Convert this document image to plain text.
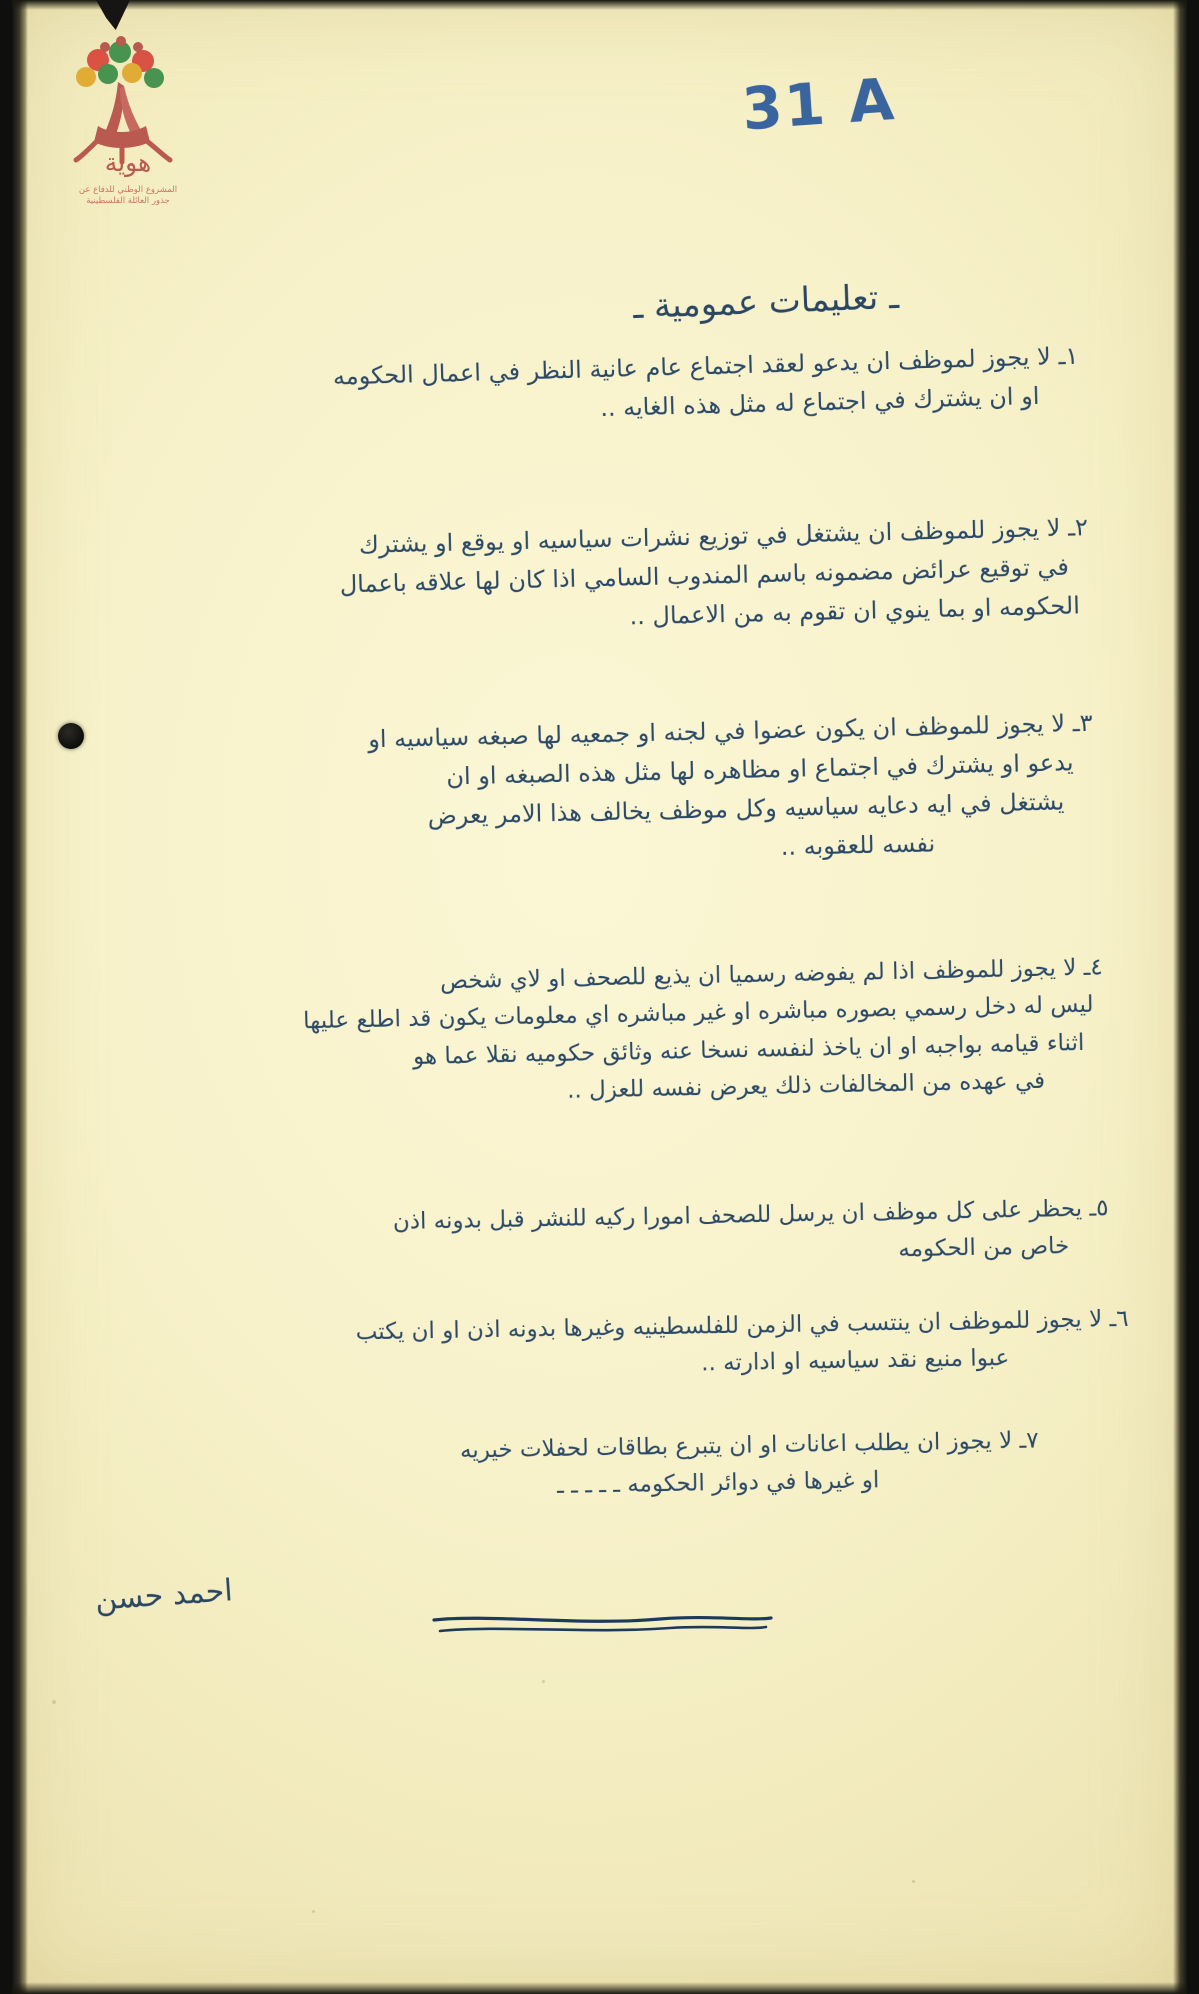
هوية
المشروع الوطني للدفاع عن
جذور العائلة الفلسطينية
31 A
ـ تعليمات عمومية ـ
١ـ لا يجوز لموظف ان يدعو لعقد اجتماع عام عانية النظر في اعمال الحكومه
او ان يشترك في اجتماع له مثل هذه الغايه ..
٢ـ لا يجوز للموظف ان يشتغل في توزيع نشرات سياسيه او يوقع او يشترك
في توقيع عرائض مضمونه باسم المندوب السامي اذا كان لها علاقه باعمال
الحكومه او بما ينوي ان تقوم به من الاعمال ..
٣ـ لا يجوز للموظف ان يكون عضوا في لجنه او جمعيه لها صبغه سياسيه او
يدعو او يشترك في اجتماع او مظاهره لها مثل هذه الصبغه او ان
يشتغل في ايه دعايه سياسيه وكل موظف يخالف هذا الامر يعرض
نفسه للعقوبه ..
٤ـ لا يجوز للموظف اذا لم يفوضه رسميا ان يذيع للصحف او لاي شخص
ليس له دخل رسمي بصوره مباشره او غير مباشره اي معلومات يكون قد اطلع عليها
اثناء قيامه بواجبه او ان ياخذ لنفسه نسخا عنه وثائق حكوميه نقلا عما هو
في عهده من المخالفات ذلك يعرض نفسه للعزل ..
٥ـ يحظر على كل موظف ان يرسل للصحف امورا ركيه للنشر قبل بدونه اذن
خاص من الحكومه
٦ـ لا يجوز للموظف ان ينتسب في الزمن للفلسطينيه وغيرها بدونه اذن او ان يكتب
عبوا منيع نقد سياسيه او ادارته ..
٧ـ لا يجوز ان يطلب اعانات او ان يتبرع بطاقات لحفلات خيريه
او غيرها في دوائر الحكومه ـ ـ ـ ـ ـ
احمد حسن
